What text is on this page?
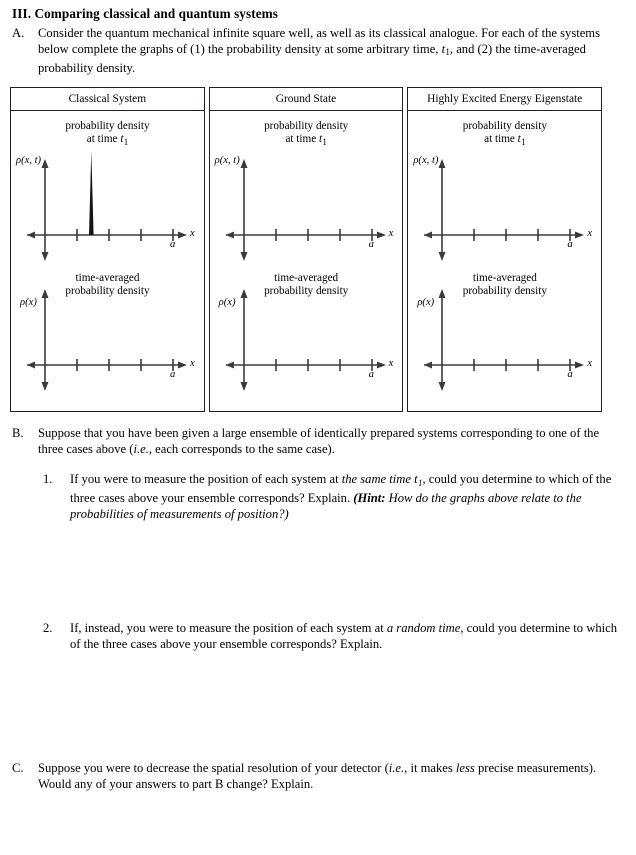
III. Comparing classical and quantum systems
A. Consider the quantum mechanical infinite square well, as well as its classical analogue. For each of the systems below complete the graphs of (1) the probability density at some arbitrary time, $t_1$, and (2) the time-averaged probability density.
Classical System
probability density
at time $t_1$
ρ(x, t)
x
a
time-averaged
probability density
ρ(x)
x
a
Ground State
probability density
at time $t_1$
ρ(x, t)
x
a
time-averaged
probability density
ρ(x)
x
a
Highly Excited Energy Eigenstate
probability density
at time $t_1$
ρ(x, t)
x
a
time-averaged
probability density
ρ(x)
x
a
B. Suppose that you have been given a large ensemble of identically prepared systems corresponding to one of the three cases above (i.e., each corresponds to the same case).
1. If you were to measure the position of each system at the same time $t_1$, could you determine to which of the three cases above your ensemble corresponds? Explain. (Hint: How do the graphs above relate to the probabilities of measurements of position?)
2. If, instead, you were to measure the position of each system at a random time, could you determine to which of the three cases above your ensemble corresponds? Explain.
C. Suppose you were to decrease the spatial resolution of your detector (i.e., it makes less precise measurements). Would any of your answers to part B change? Explain.
